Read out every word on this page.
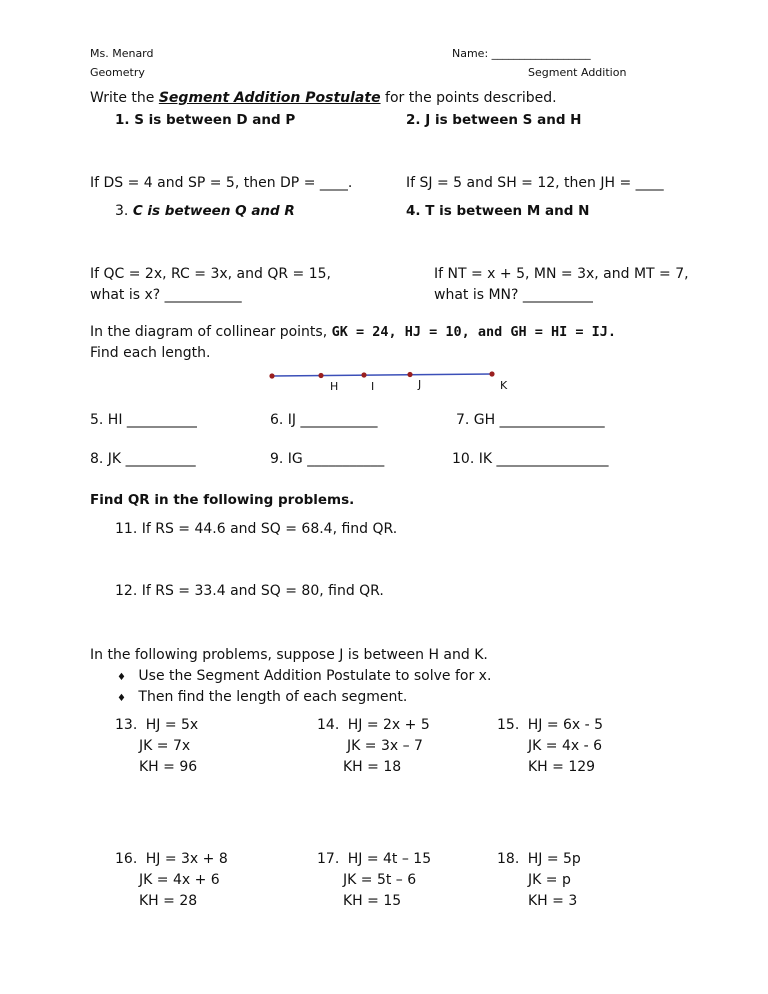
Ms. Menard
Geometry
Name: __________________
Segment Addition
Write the Segment Addition Postulate for the points described.
1. S is between D and P	2. J is between S and H
If DS = 4 and SP = 5, then DP = ____.	If SJ = 5 and SH = 12, then JH = ____
3. C is between Q and R	4. T is between M and N
If QC = 2x, RC = 3x, and QR = 15,
what is x? ___________
If NT = x + 5, MN = 3x, and MT = 7,
what is MN? __________
In the diagram of collinear points, GK = 24, HJ = 10, and GH = HI = IJ.
Find each length.
H	I	J	K
5. HI __________	6. IJ ___________	7. GH _______________
8. JK __________	9. IG ___________	10. IK ________________
Find QR in the following problems.
11. If RS = 44.6 and SQ = 68.4, find QR.
12. If RS = 33.4 and SQ = 80, find QR.
In the following problems, suppose J is between H and K.
♦ Use the Segment Addition Postulate to solve for x.
♦ Then find the length of each segment.
13. HJ = 5x
JK = 7x
KH = 96
14. HJ = 2x + 5
JK = 3x – 7
KH = 18
15. HJ = 6x - 5
JK = 4x - 6
KH = 129
16. HJ = 3x + 8
JK = 4x + 6
KH = 28
17. HJ = 4t – 15
JK = 5t – 6
KH = 15
18. HJ = 5p
JK = p
KH = 3
